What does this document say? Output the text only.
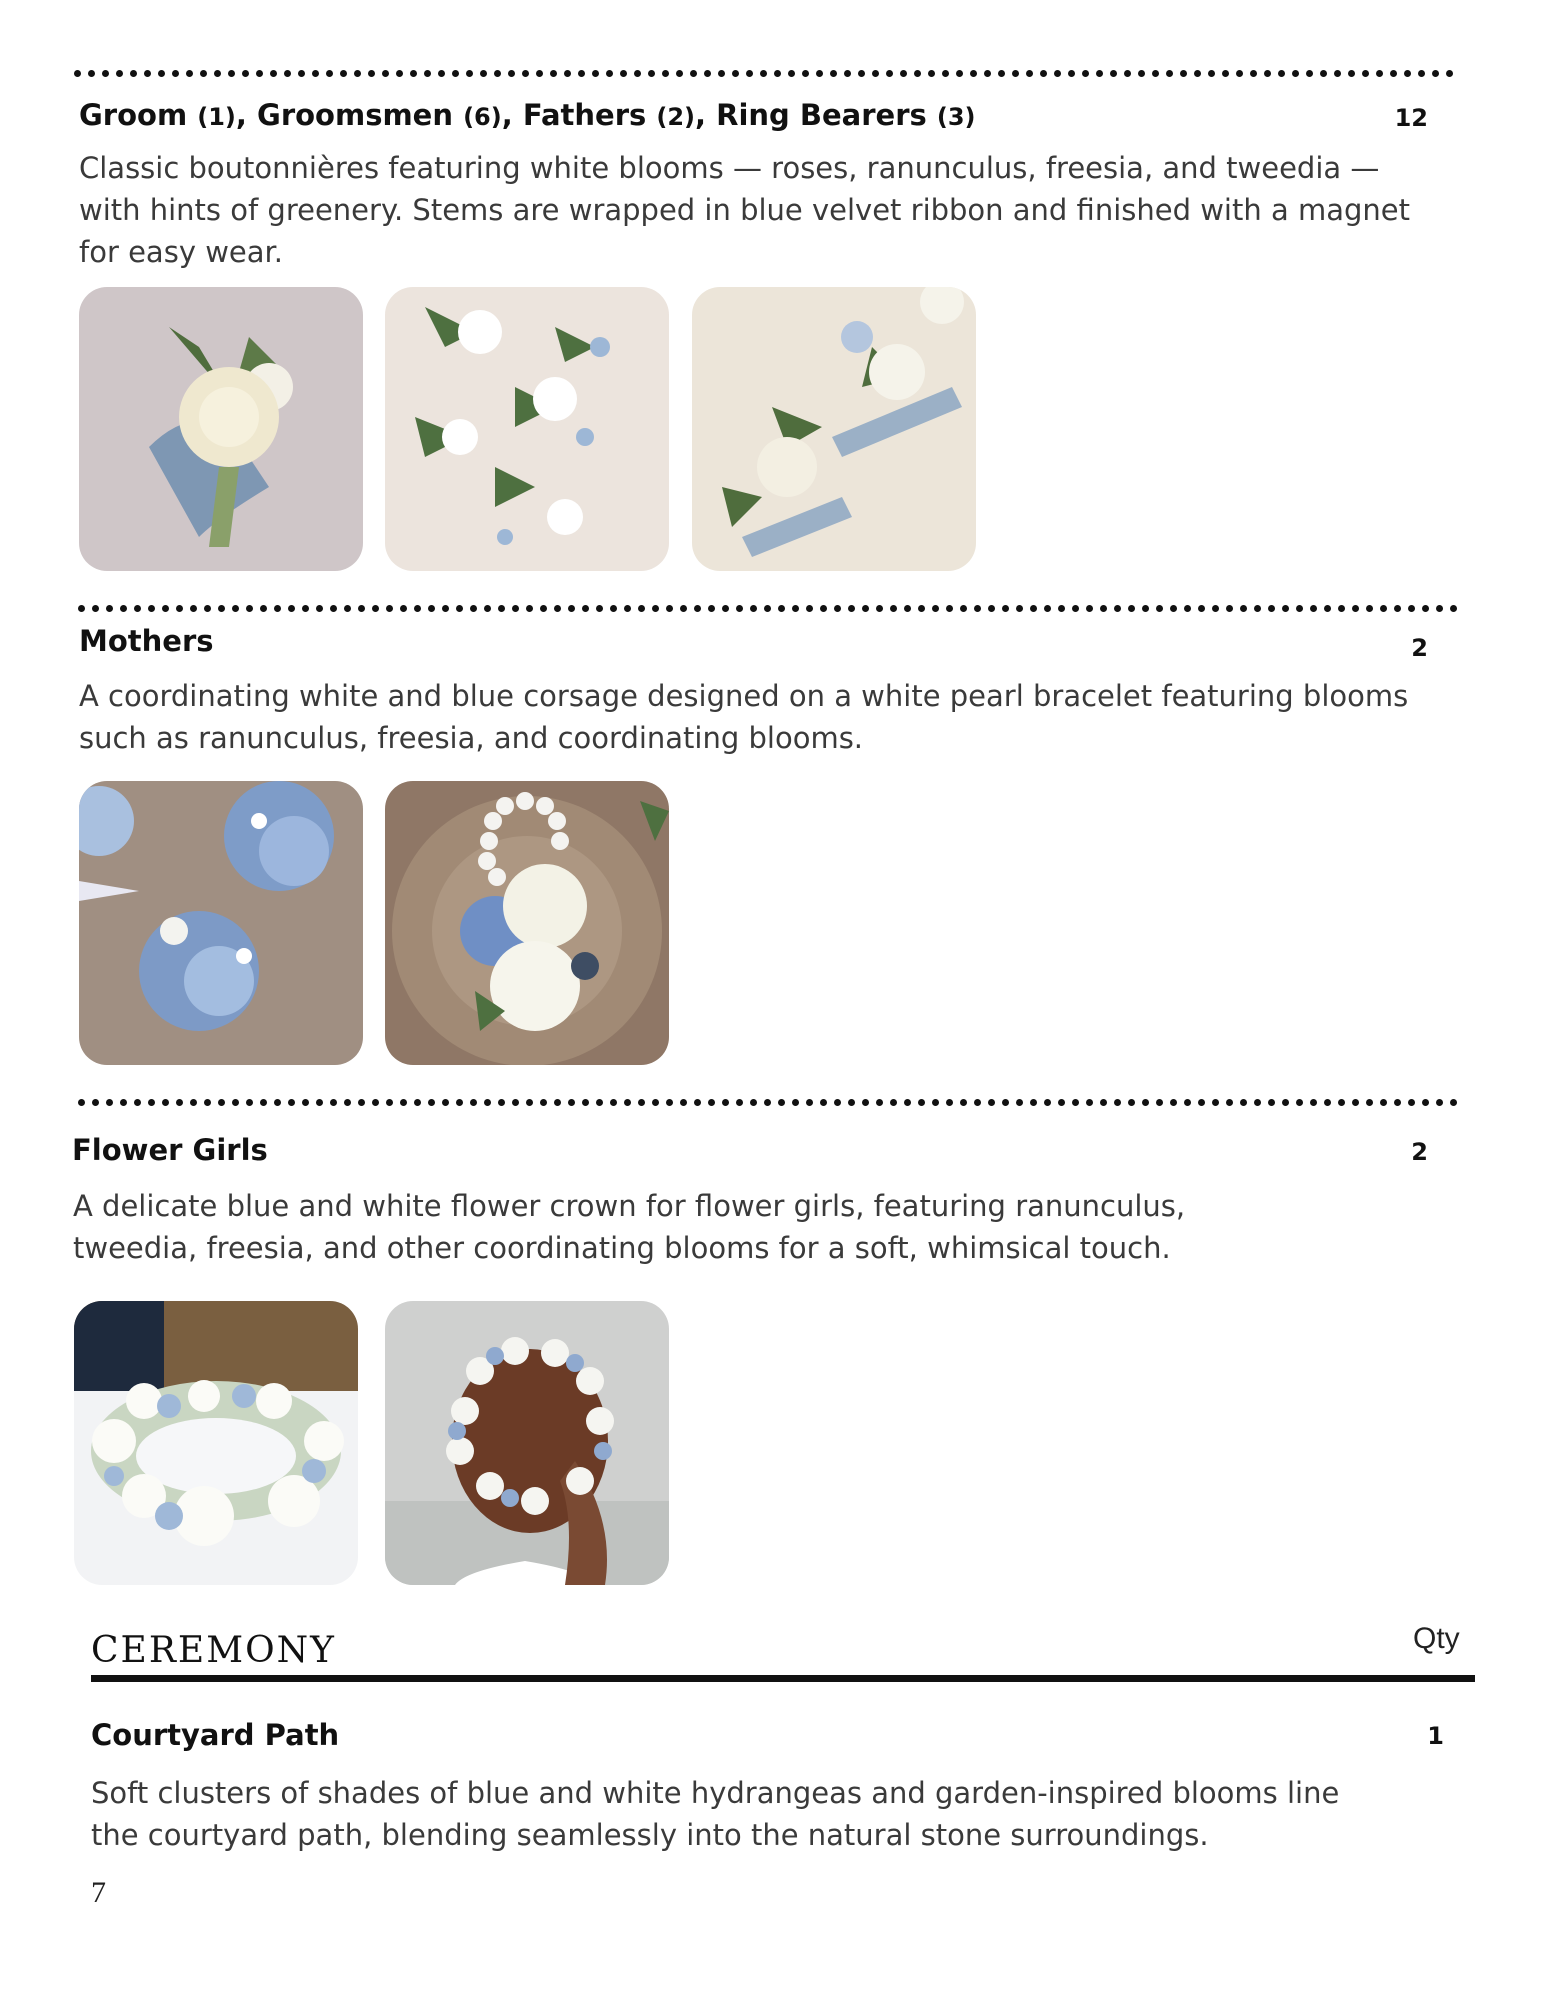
Groom (1), Groomsmen (6), Fathers (2), Ring Bearers (3)	12
Classic boutonnières featuring white blooms — roses, ranunculus, freesia, and tweedia — with hints of greenery. Stems are wrapped in blue velvet ribbon and finished with a magnet for easy wear.
Mothers	2
A coordinating white and blue corsage designed on a white pearl bracelet featuring blooms such as ranunculus, freesia, and coordinating blooms.
Flower Girls	2
A delicate blue and white flower crown for flower girls, featuring ranunculus, tweedia, freesia, and other coordinating blooms for a soft, whimsical touch.
CEREMONY	Qty
Courtyard Path	1
Soft clusters of shades of blue and white hydrangeas and garden-inspired blooms line the courtyard path, blending seamlessly into the natural stone surroundings.
7
